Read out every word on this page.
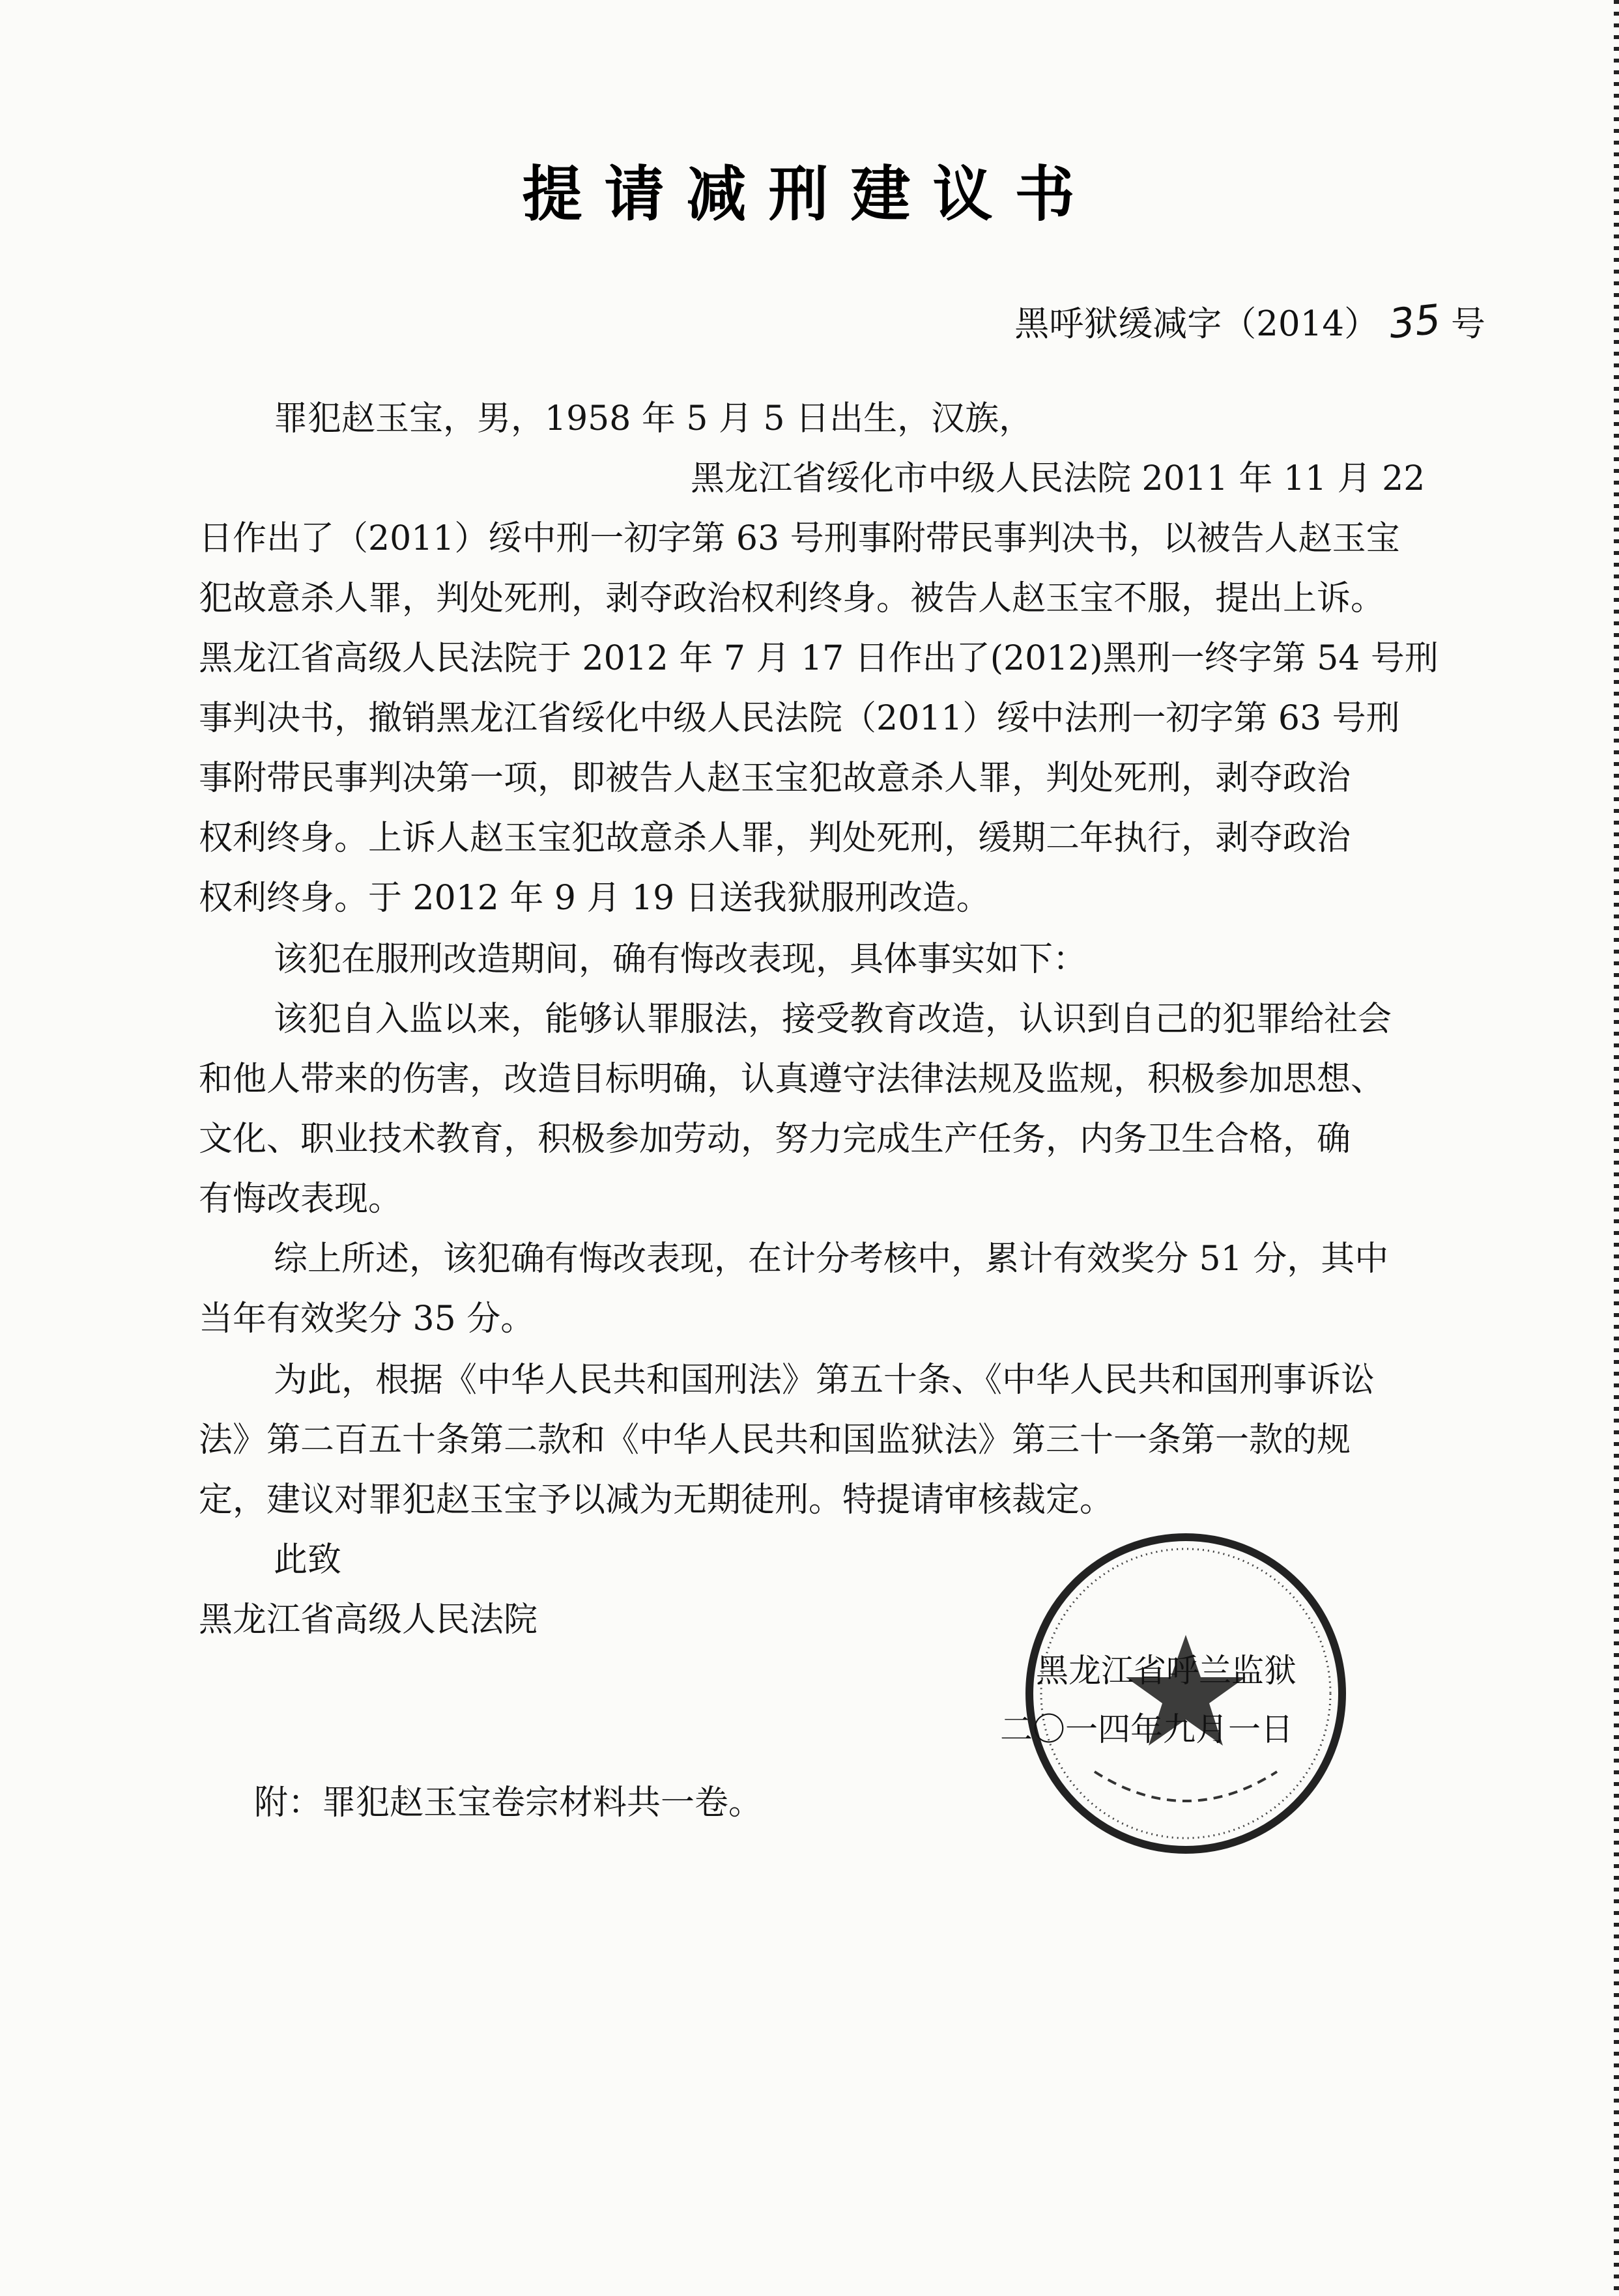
提请减刑建议书
黑呼狱缓减字（2014） 35 号
罪犯赵玉宝，男，1958 年 5 月 5 日出生，汉族，
黑龙江省绥化市中级人民法院 2011 年 11 月 22
日作出了（2011）绥中刑一初字第 63 号刑事附带民事判决书，以被告人赵玉宝
犯故意杀人罪，判处死刑，剥夺政治权利终身。被告人赵玉宝不服，提出上诉。
黑龙江省高级人民法院于 2012 年 7 月 17 日作出了(2012)黑刑一终字第 54 号刑
事判决书，撤销黑龙江省绥化中级人民法院（2011）绥中法刑一初字第 63 号刑
事附带民事判决第一项，即被告人赵玉宝犯故意杀人罪，判处死刑，剥夺政治
权利终身。上诉人赵玉宝犯故意杀人罪，判处死刑，缓期二年执行，剥夺政治
权利终身。于 2012 年 9 月 19 日送我狱服刑改造。
该犯在服刑改造期间，确有悔改表现，具体事实如下：
该犯自入监以来，能够认罪服法，接受教育改造，认识到自己的犯罪给社会
和他人带来的伤害，改造目标明确，认真遵守法律法规及监规，积极参加思想、
文化、职业技术教育，积极参加劳动，努力完成生产任务，内务卫生合格，确
有悔改表现。
综上所述，该犯确有悔改表现，在计分考核中，累计有效奖分 51 分，其中
当年有效奖分 35 分。
为此，根据《中华人民共和国刑法》第五十条、《中华人民共和国刑事诉讼
法》第二百五十条第二款和《中华人民共和国监狱法》第三十一条第一款的规
定，建议对罪犯赵玉宝予以减为无期徒刑。特提请审核裁定。
此致
黑龙江省高级人民法院
黑龙江省呼兰监狱
二〇一四年九月一日
附：罪犯赵玉宝卷宗材料共一卷。
